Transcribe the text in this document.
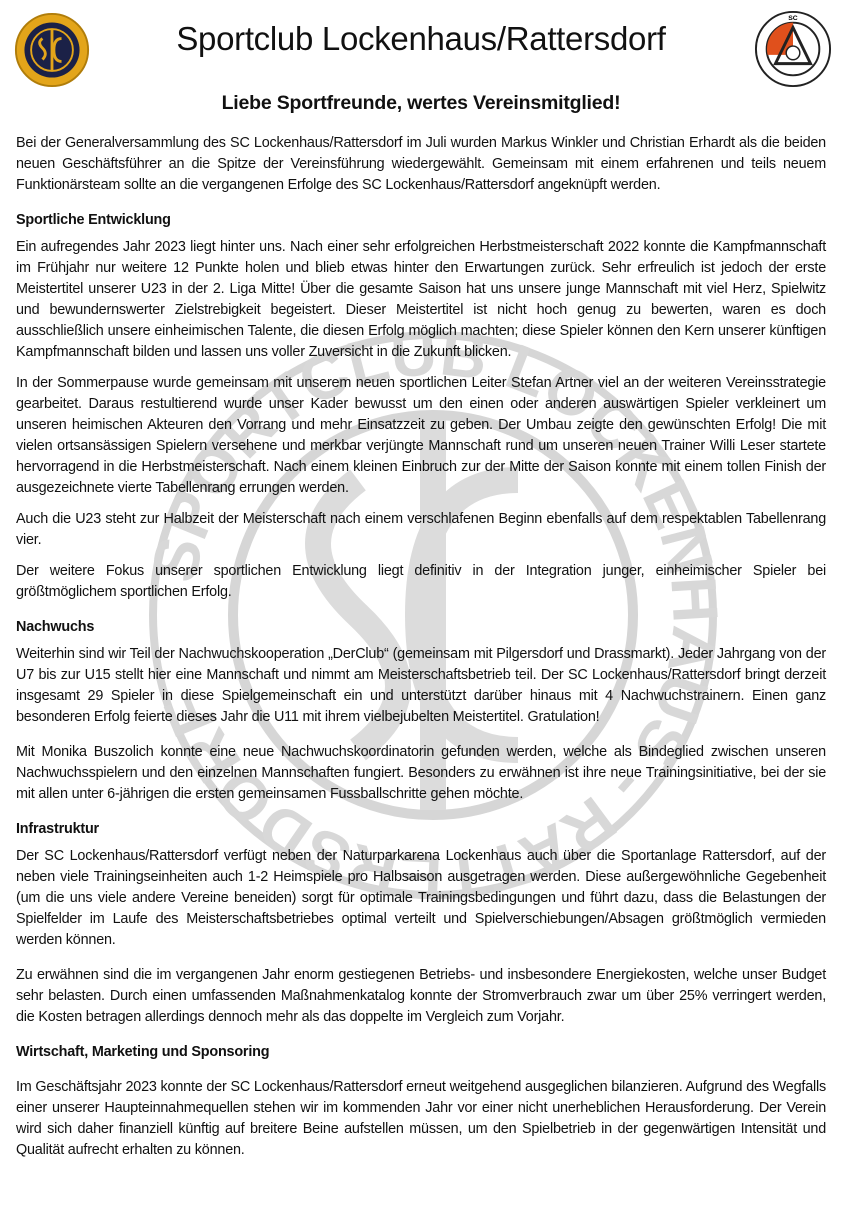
Sportclub Lockenhaus/Rattersdorf
SC
Liebe Sportfreunde, wertes Vereinsmitglied!
PORTCLUB LOCKE US - RATTERSDORF

Bei der Generalversammlung des SC Lockenhaus/Rattersdorf im Juli wurden Markus Winkler und Christian Erhardt als die beiden neuen Geschäftsführer an die Spitze der Vereinsführung wiedergewählt. Gemeinsam mit einem erfahrenen und teils neuem Funktionärsteam sollte an die vergangenen Erfolge des SC Lockenhaus/Rattersdorf angeknüpft werden.

Sportliche Entwicklung

Ein aufregendes Jahr 2023 liegt hinter uns. Nach einer sehr erfolgreichen Herbstmeisterschaft 2022 konnte die Kampfmannschaft im Frühjahr nur weitere 12 Punkte holen und blieb etwas hinter den Erwartungen zurück. Sehr erfreulich ist jedoch der erste Meistertitel unserer U23 in der 2. Liga Mitte! Über die gesamte Saison hat uns unsere junge Mannschaft mit viel Herz, Spielwitz und bewundernswerter Zielstrebigkeit begeistert. Dieser Meistertitel ist nicht hoch genug zu bewerten, waren es doch ausschließlich unsere einheimischen Talente, die diesen Erfolg möglich machten; diese Spieler können den Kern unserer künftigen Kampfmannschaft bilden und lassen uns voller Zuversicht in die Zukunft blicken.

In der Sommerpause wurde gemeinsam mit unserem neuen sportlichen Leiter Stefan Artner viel an der weiteren Vereinsstrategie gearbeitet. Daraus restultierend wurde unser Kader bewusst um den einen oder anderen auswärtigen Spieler verkleinert um unseren heimischen Akteuren den Vorrang und mehr Einsatzzeit zu geben. Der Umbau zeigte den gewünschten Erfolg! Die mit vielen ortsansässigen Spielern versehene und merkbar verjüngte Mannschaft rund um unseren neuen Trainer Willi Leser startete hervorragend in die Herbstmeisterschaft. Nach einem kleinen Einbruch zur der Mitte der Saison konnte mit einem tollen Finish der ausgezeichnete vierte Tabellenrang errungen werden.

Auch die U23 steht zur Halbzeit der Meisterschaft nach einem verschlafenen Beginn ebenfalls auf dem respektablen Tabellenrang vier.

Der weitere Fokus unserer sportlichen Entwicklung liegt definitiv in der Integration junger, einheimischer Spieler bei größtmöglichem sportlichen Erfolg.

Nachwuchs

Weiterhin sind wir Teil der Nachwuchskooperation „DerClub“ (gemeinsam mit Pilgersdorf und Drassmarkt). Jeder Jahrgang von der U7 bis zur U15 stellt hier eine Mannschaft und nimmt am Meisterschaftsbetrieb teil. Der SC Lockenhaus/Rattersdorf bringt derzeit insgesamt 29 Spieler in diese Spielgemeinschaft ein und unterstützt darüber hinaus mit 4 Nachwuchstrainern. Einen ganz besonderen Erfolg feierte dieses Jahr die U11 mit ihrem vielbejubelten Meistertitel. Gratulation!

Mit Monika Buszolich konnte eine neue Nachwuchskoordinatorin gefunden werden, welche als Bindeglied zwischen unseren Nachwuchsspielern und den einzelnen Mannschaften fungiert. Besonders zu erwähnen ist ihre neue Trainingsinitiative, bei der sie mit allen unter 6-jährigen die ersten gemeinsamen Fussballschritte gehen möchte.

Infrastruktur

Der SC Lockenhaus/Rattersdorf verfügt neben der Naturparkarena Lockenhaus auch über die Sportanlage Rattersdorf, auf der neben viele Trainingseinheiten auch 1-2 Heimspiele pro Halbsaison ausgetragen werden. Diese außergewöhnliche Gegebenheit (um die uns viele andere Vereine beneiden) sorgt für optimale Trainingsbedingungen und führt dazu, dass die Belastungen der Spielfelder im Laufe des Meisterschaftsbetriebes optimal verteilt und Spielverschiebungen/Absagen größtmöglich vermieden werden können.

Zu erwähnen sind die im vergangenen Jahr enorm gestiegenen Betriebs- und insbesondere Energiekosten, welche unser Budget sehr belasten. Durch einen umfassenden Maßnahmenkatalog konnte der Stromverbrauch zwar um über 25% verringert werden, die Kosten betragen allerdings dennoch mehr als das doppelte im Vergleich zum Vorjahr.

Wirtschaft, Marketing und Sponsoring

Im Geschäftsjahr 2023 konnte der SC Lockenhaus/Rattersdorf erneut weitgehend ausgeglichen bilanzieren. Aufgrund des Wegfalls einer unserer Haupteinnahmequellen stehen wir im kommenden Jahr vor einer nicht unerheblichen Herausforderung. Der Verein wird sich daher finanziell künftig auf breitere Beine aufstellen müssen, um den Spielbetrieb in der gegenwärtigen Intensität und Qualität aufrecht erhalten zu können.
